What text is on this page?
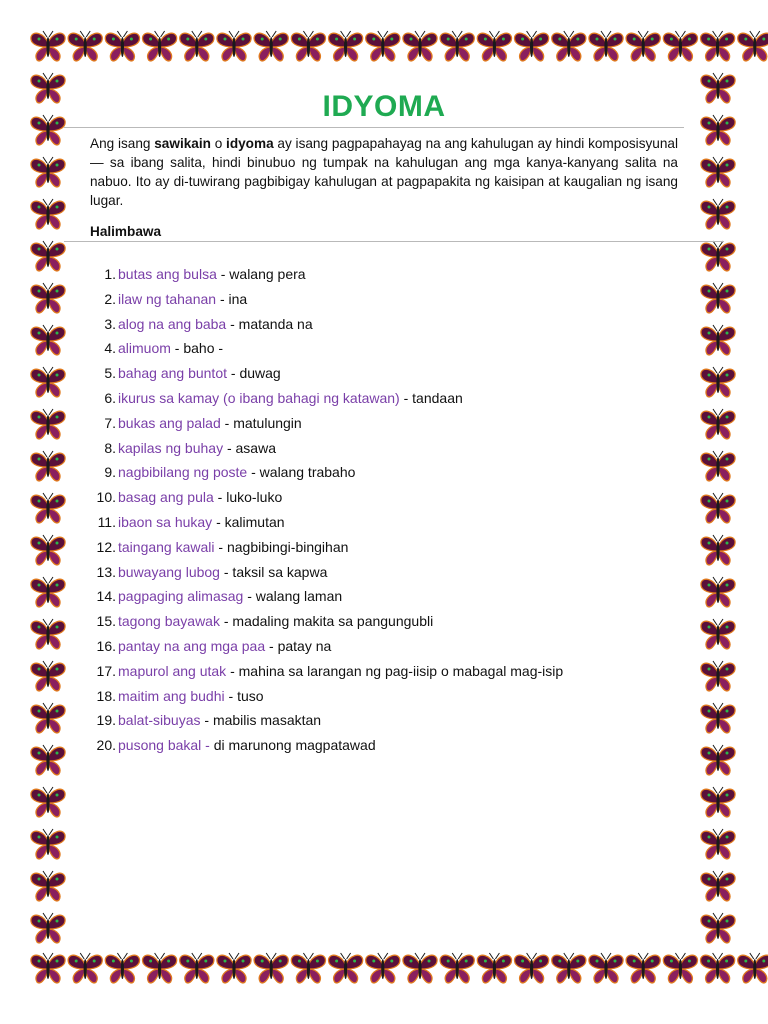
IDYOMA
Ang isang sawikain o idyoma ay isang pagpapahayag na ang kahulugan ay hindi komposisyunal — sa ibang salita, hindi binubuo ng tumpak na kahulugan ang mga kanya-kanyang salita na nabuo. Ito ay di-tuwirang pagbibigay kahulugan at pagpapakita ng kaisipan at kaugalian ng isang lugar.
Halimbawa
1. butas ang bulsa - walang pera
2. ilaw ng tahanan - ina
3. alog na ang baba - matanda na
4. alimuom - baho -
5. bahag ang buntot - duwag
6. ikurus sa kamay (o ibang bahagi ng katawan) - tandaan
7. bukas ang palad - matulungin
8. kapilas ng buhay - asawa
9. nagbibilang ng poste - walang trabaho
10. basag ang pula - luko-luko
11. ibaon sa hukay - kalimutan
12. taingang kawali - nagbibingi-bingihan
13. buwayang lubog - taksil sa kapwa
14. pagpaging alimasag - walang laman
15. tagong bayawak - madaling makita sa pangungubli
16. pantay na ang mga paa - patay na
17. mapurol ang utak - mahina sa larangan ng pag-iisip o mabagal mag-isip
18. maitim ang budhi - tuso
19. balat-sibuyas - mabilis masaktan
20. pusong bakal - di marunong magpatawad
